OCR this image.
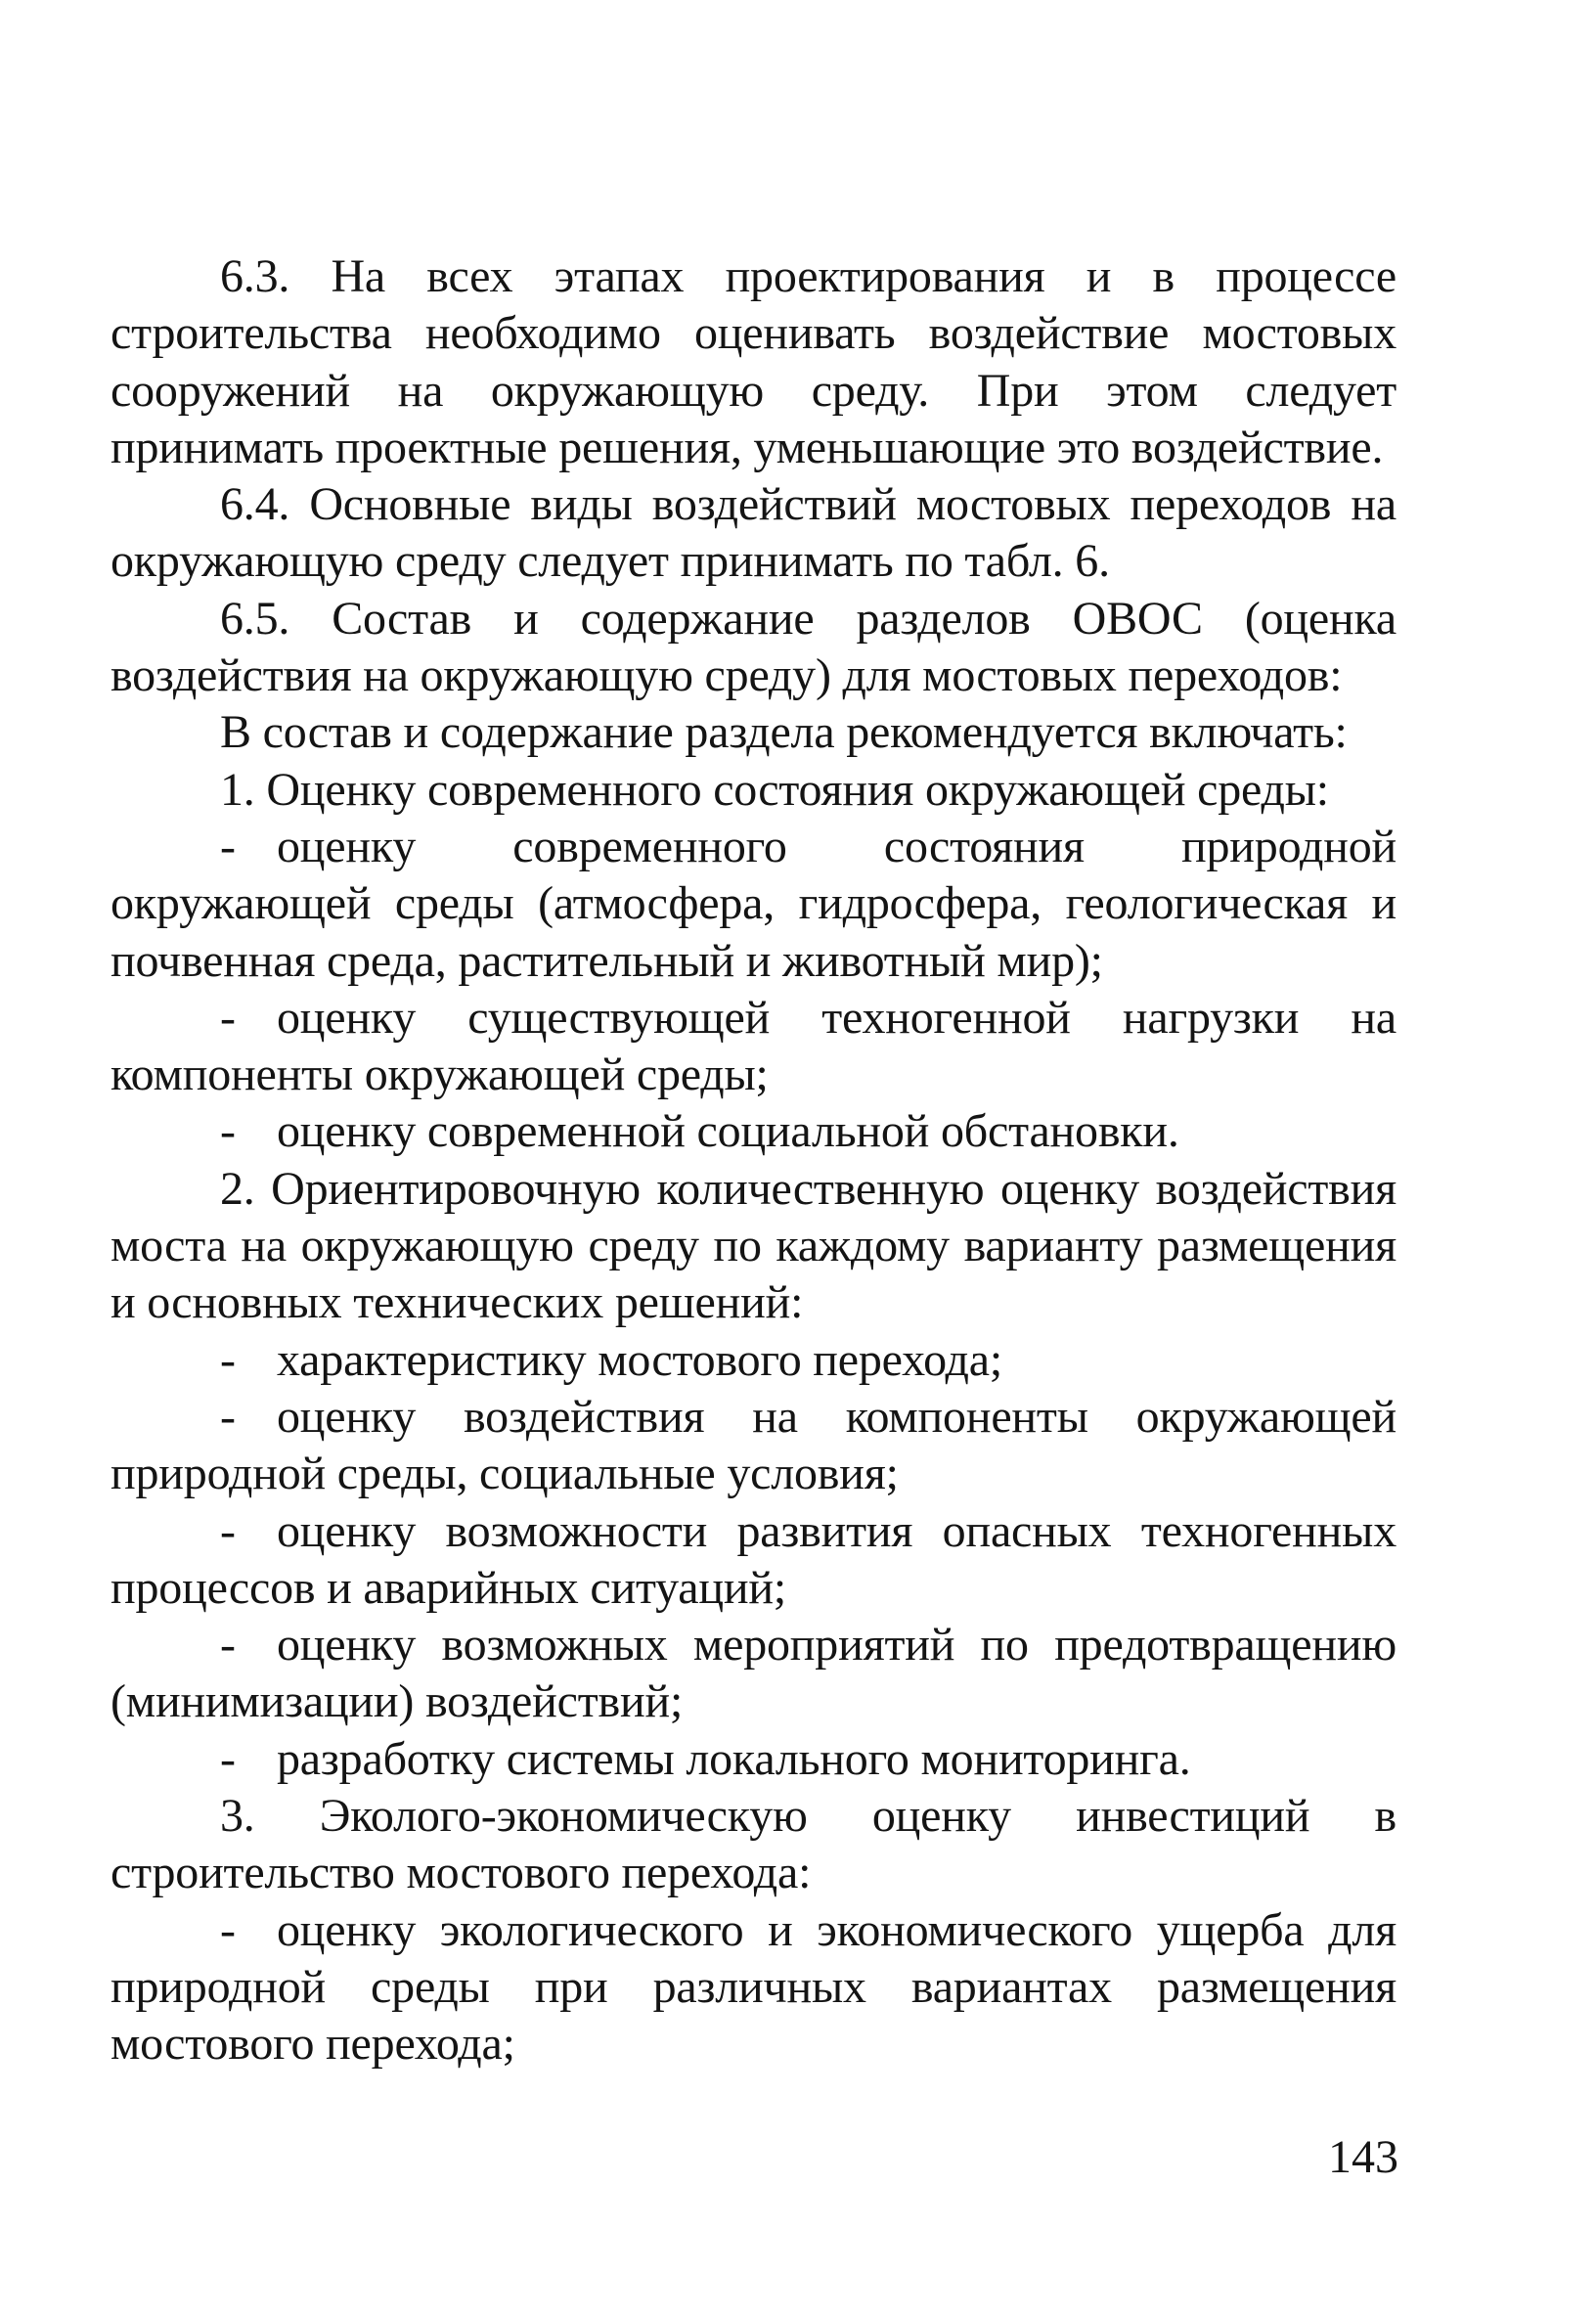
6.3. На всех этапах проектирования и в процессе строительства необходимо оценивать воздействие мостовых сооружений на окружающую среду. При этом следует принимать проектные решения, уменьшающие это воздействие.

6.4. Основные виды воздействий мостовых переходов на окружающую среду следует принимать по табл. 6.

6.5. Состав и содержание разделов ОВОС (оценка воздействия на окружающую среду) для мостовых переходов:

В состав и содержание раздела рекомендуется включать:

1. Оценку современного состояния окружающей среды:

- оценку современного состояния природной окружающей среды (атмосфера, гидросфера, геологическая и почвенная среда, растительный и животный мир);

- оценку существующей техногенной нагрузки на компоненты окружающей среды;

- оценку современной социальной обстановки.

2. Ориентировочную количественную оценку воздействия моста на окружающую среду по каждому варианту размещения и основных технических решений:

- характеристику мостового перехода;

- оценку воздействия на компоненты окружающей природной среды, социальные условия;

- оценку возможности развития опасных техногенных процессов и аварийных ситуаций;

- оценку возможных мероприятий по предотвращению (минимизации) воздействий;

- разработку системы локального мониторинга.

3. Эколого-экономическую оценку инвестиций в строительство мостового перехода:

- оценку экологического и экономического ущерба для природной среды при различных вариантах размещения мостового перехода;

143
